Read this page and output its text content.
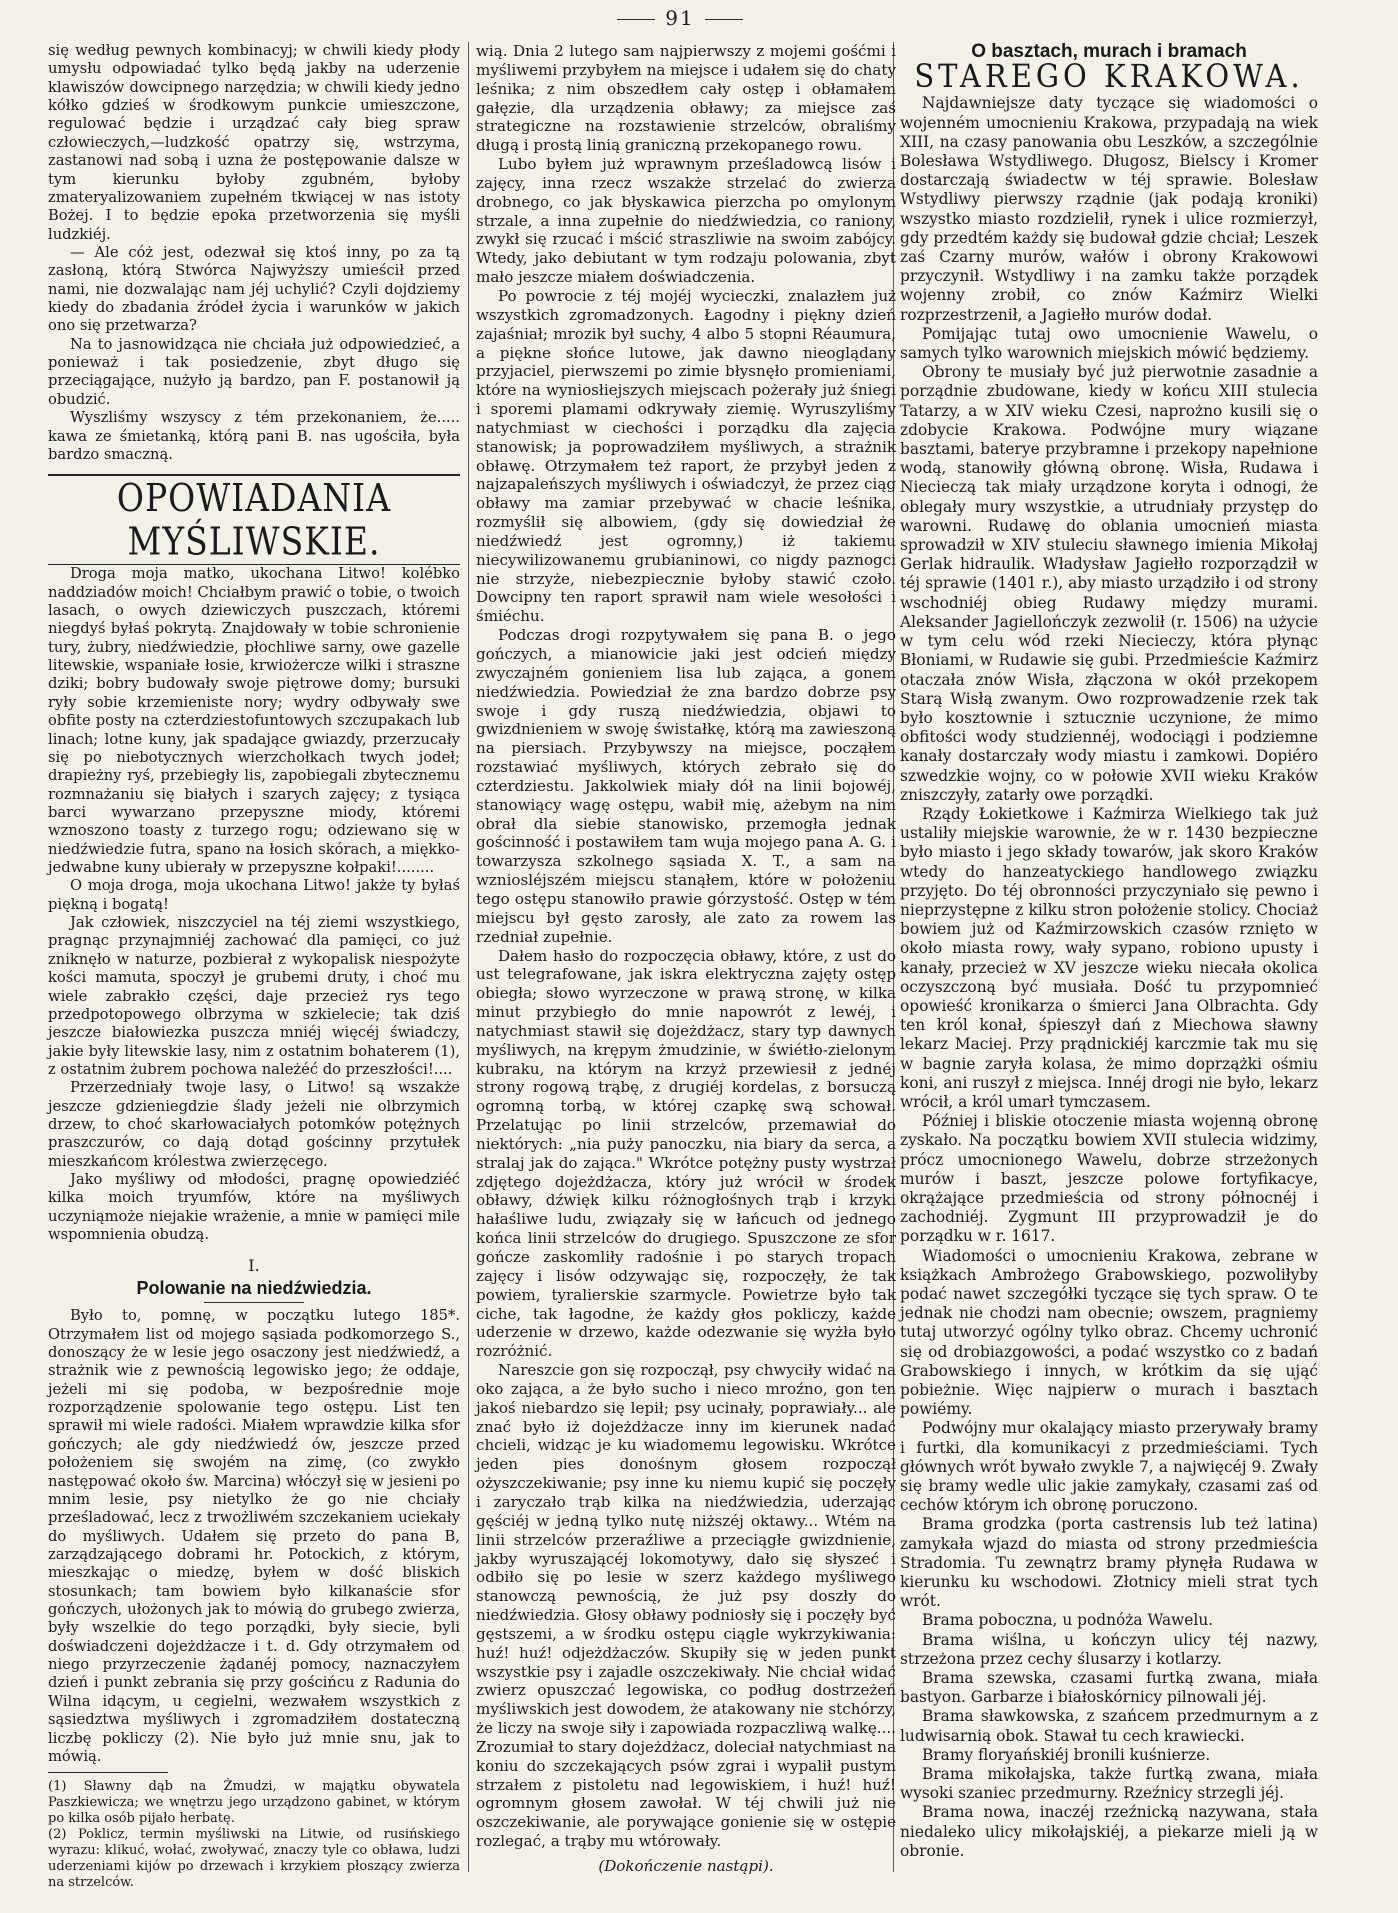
91

się według pewnych kombinacyj; w chwili kiedy płody umysłu odpowiadać tylko będą jakby na uderzenie klawiszów dowcipnego narzędzia; w chwili kiedy jedno kółko gdzieś w środkowym punkcie umieszczone, regulować będzie i urządzać cały bieg spraw człowieczych,—ludzkość opatrzy się, wstrzyma, zastanowi nad sobą i uzna że postępowanie dalsze w tym kierunku byłoby zgubném, byłoby zmateryalizowaniem zupełném tkwiącej w nas istoty Bożej. I to będzie epoka przetworzenia się myśli ludzkiéj.

— Ale cóż jest, odezwał się ktoś inny, po za tą zasłoną, którą Stwórca Najwyższy umieścił przed nami, nie dozwalając nam jéj uchylić? Czyli dojdziemy kiedy do zbadania źródeł życia i warunków w jakich ono się przetwarza?

Na to jasnowidząca nie chciała już odpowiedzieć, a ponieważ i tak posiedzenie, zbyt długo się przeciągające, nużyło ją bardzo, pan F. postanowił ją obudzić.

Wyszliśmy wszyscy z tém przekonaniem, że..... kawa ze śmietanką, którą pani B. nas ugościła, była bardzo smaczną.

OPOWIADANIA MYŚLIWSKIE.

Droga moja matko, ukochana Litwo! kolébko naddziadów moich! Chciałbym prawić o tobie, o twoich lasach, o owych dziewiczych puszczach, któremi niegdyś byłaś pokrytą. Znajdowały w tobie schronienie tury, żubry, niedźwiedzie, płochliwe sarny, owe gazelle litewskie, wspaniałe łosie, krwiożercze wilki i straszne dziki; bobry budowały swoje piętrowe domy; bursuki ryły sobie krzemieniste nory; wydry odbywały swe obfite posty na czterdziestofuntowych szczupakach lub linach; lotne kuny, jak spadające gwiazdy, przerzucały się po niebotycznych wierzchołkach twych jodeł; drapieżny ryś, przebiegły lis, zapobiegali zbytecznemu rozmnażaniu się białych i szarych zajęcy; z tysiąca barci wywarzano przepyszne miody, któremi wznoszono toasty z turzego rogu; odziewano się w niedźwiedzie futra, spano na łosich skórach, a miękko-jedwabne kuny ubierały w przepyszne kołpaki!........

O moja droga, moja ukochana Litwo! jakże ty byłaś piękną i bogatą!

Jak człowiek, niszczyciel na téj ziemi wszystkiego, pragnąc przynajmniéj zachować dla pamięci, co już zniknęło w naturze, pozbierał z wykopalisk niespożyte kości mamuta, spoczył je grubemi druty, i choć mu wiele zabrakło części, daje przecież rys tego przedpotopowego olbrzyma w szkielecie; tak dziś jeszcze białowiezka puszcza mniéj więcéj świadczy, jakie były litewskie lasy, nim z ostatnim bohaterem (1), z ostatnim żubrem pochowa należéć do przeszłości!....

Przerzedniały twoje lasy, o Litwo! są wszakże jeszcze gdzieniegdzie ślady jeżeli nie olbrzymich drzew, to choć skarłowaciałych potomków potężnych praszczurów, co dają dotąd gościnny przytułek mieszkańcom królestwa zwierzęcego.

Jako myśliwy od młodości, pragnę opowiedziéć kilka moich tryumfów, które na myśliwych uczyniąmoże niejakie wrażenie, a mnie w pamięci mile wspomnienia obudzą.

I.
Polowanie na niedźwiedzia.

Było to, pomnę, w początku lutego 185*. Otrzymałem list od mojego sąsiada podkomorzego S., donoszący że w lesie jego osaczony jest niedźwiedź, a strażnik wie z pewnością legowisko jego; że oddaje, jeżeli mi się podoba, w bezpośrednie moje rozporządzenie spolowanie tego ostępu. List ten sprawił mi wiele radości. Miałem wprawdzie kilka sfor gończych; ale gdy niedźwiedź ów, jeszcze przed położeniem się swojém na zimę, (co zwykło następować około św. Marcina) włóczył się w jesieni po mnim lesie, psy nietylko że go nie chciały prześladować, lecz z trwożliwém szczekaniem uciekały do myśliwych. Udałem się przeto do pana B, zarządzającego dobrami hr. Potockich, z którym, mieszkając o miedzę, byłem w dość bliskich stosunkach; tam bowiem było kilkanaście sfor gończych, ułożonych jak to mówią do grubego zwierza, były wszelkie do tego porządki, były siecie, byli doświadczeni dojeżdżacze i t. d. Gdy otrzymałem od niego przyrzeczenie żądanéj pomocy, naznaczyłem dzień i punkt zebrania się przy gościńcu z Radunia do Wilna idącym, u cegielni, wezwałem wszystkich z sąsiedztwa myśliwych i zgromadziłem dostateczną liczbę pokliczy (2). Nie było już mnie snu, jak to mówią.

(1) Sławny dąb na Żmudzi, w majątku obywatela Paszkiewicza; we wnętrzu jego urządzono gabinet, w którym po kilka osób pijało herbatę.

(2) Poklicz, termin myśliwski na Litwie, od rusińskiego wyrazu: klikuć, wołać, zwoływać, znaczy tyle co obława, ludzi uderzeniami kijów po drzewach i krzykiem płoszący zwierza na strzelców.

wią. Dnia 2 lutego sam najpierwszy z mojemi gośćmi i myśliwemi przybyłem na miejsce i udałem się do chaty leśnika; z nim obszedłem cały ostęp i obłamałem gałęzie, dla urządzenia obławy; za miejsce zaś strategiczne na rozstawienie strzelców, obraliśmy długą i prostą linią graniczną przekopanego rowu.

Lubo byłem już wprawnym prześladowcą lisów i zajęcy, inna rzecz wszakże strzelać do zwierza drobnego, co jak błyskawica pierzcha po omylonym strzale, a inna zupełnie do niedźwiedzia, co raniony, zwykł się rzucać i mścić straszliwie na swoim zabójcy. Wtedy, jako debiutant w tym rodzaju polowania, zbyt mało jeszcze miałem doświadczenia.

Po powrocie z téj mojéj wycieczki, znalazłem już wszystkich zgromadzonych. Łagodny i piękny dzień zajaśniał; mrozik był suchy, 4 albo 5 stopni Réaumura, a piękne słońce lutowe, jak dawno nieoglądany przyjaciel, pierwszemi po zimie błysnęło promieniami, które na wyniosłiejszych miejscach pożerały już śniegi i sporemi plamami odkrywały ziemię. Wyruszyliśmy natychmiast w ciechości i porządku dla zajęcia stanowisk; ja poprowadziłem myśliwych, a strażnik obławę. Otrzymałem też raport, że przybył jeden z najzapaleńszych myśliwych i oświadczył, że przez ciąg obławy ma zamiar przebywać w chacie leśnika, rozmyślił się albowiem, (gdy się dowiedział że niedźwiedź jest ogromny,) iż takiemu niecywilizowanemu grubianinowi, co nigdy paznogci nie strzyże, niebezpiecznie byłoby stawić czoło. Dowcipny ten raport sprawił nam wiele wesołości i śmiéchu.

Podczas drogi rozpytywałem się pana B. o jego gończych, a mianowicie jaki jest odcień między zwyczajném gonieniem lisa lub zająca, a gonem niedźwiedzia. Powiedział że zna bardzo dobrze psy swoje i gdy ruszą niedźwiedzia, objawi to gwizdnieniem w swoję świstałkę, którą ma zawieszoną na piersiach. Przybywszy na miejsce, począłem rozstawiać myśliwych, których zebrało się do czterdziestu. Jakkolwiek miały dół na linii bojowéj, stanowiący wagę ostępu, wabił mię, ażebym na nim obrał dla siebie stanowisko, przemogła jednak gościnność i postawiłem tam wuja mojego pana A. G. i towarzysza szkolnego sąsiada X. T., a sam na wzniosléjszém miejscu stanąłem, które w położeniu tego ostępu stanowiło prawie górzystość. Ostęp w tém miejscu był gęsto zarosły, ale zato za rowem las rzedniał zupełnie.

Dałem hasło do rozpoczęcia obławy, które, z ust do ust telegrafowane, jak iskra elektryczna zajęty ostęp obiegła; słowo wyrzeczone w prawą stronę, w kilka minut przybiegło do mnie napowrót z lewéj, i natychmiast stawił się dojeżdżacz, stary typ dawnych myśliwych, na krępym żmudzinie, w świétło-zielonym kubraku, na którym na krzyż przewiesił z jednéj strony rogową trąbę, z drugiéj kordelas, z borsuczą ogromną torbą, w której czapkę swą schował. Przelatując po linii strzelców, przemawiał do niektórych: „nia pużу panoczku, nia biary da serca, a stralaj jak do zająca." Wkrótce potężny pusty wystrzał zdjętego dojeżdżacza, który już wrócił w środek obławy, dźwięk kilku różnogłośnych trąb i krzyki hałaśliwe ludu, związały się w łańcuch od jednego końca linii strzelców do drugiego. Spuszczone ze sfor gończe zaskomliły radośnie i po starych tropach zajęcy i lisów odzywając się, rozpoczęły, że tak powiem, tyralierskie szarmycle. Powietrze było tak ciche, tak łagodne, że każdy głos pokliczy, każde uderzenie w drzewo, każde odezwanie się wyżła było rozróżnić.

Nareszcie gon się rozpoczął, psy chwyciły widać na oko zająca, a że było sucho i nieco mroźno, gon ten jakoś niebardzo się lepił; psy ucinały, poprawiały... ale znać było iż dojeżdżacze inny im kierunek nadać chcieli, widząc je ku wiadomemu legowisku. Wkrótce jeden pies donośnym głosem rozpoczął ożyszczekiwanie; psy inne ku niemu kupić się poczęły i zaryczało trąb kilka na niedźwiedzia, uderzając gęściéj w jedną tylko nutę niższéj oktawy... Wtém na linii strzelców przeraźliwe a przeciągłe gwizdnienie, jakby wyruszającéj lokomotywy, dało się słyszeć i odbiło się po lesie w szerz każdego myśliwego stanowczą pewnością, że już psy doszły do niedźwiedzia. Głosy obławy podniosły się i poczęły być gęstszemi, a w środku ostępu ciągle wykrzykiwania: huź! huź! odjeżdżaczów. Skupiły się w jeden punkt wszystkie psy i zajadle oszczekiwały. Nie chciał widać zwierz opuszczać legowiska, co podług dostrzeżeń myśliwskich jest dowodem, że atakowany nie stchórzy, że liczy na swoje siły i zapowiada rozpaczliwą walkę.... Zrozumiał to stary dojeżdżacz, doleciał natychmiast na koniu do szczekających psów zgrai i wypalił pustym strzałem z pistoletu nad legowiskiem, i huź! huź! ogromnym głosem zawołał. W téj chwili już nie oszczekiwanie, ale porywające gonienie się w ostępie rozlegać, a trąby mu wtórowały.

(Dokończenie nastąpi).
O basztach, murach i bramach
STAREGO KRAKOWA.

Najdawniejsze daty tyczące się wiadomości o wojenném umocnieniu Krakowa, przypadają na wiek XIII, na czasy panowania obu Leszków, a szczególnie Bolesława Wstydliwego. Długosz, Bielscy i Kromer dostarczają świadectw w téj sprawie. Bolesław Wstydliwy pierwszy rządnie (jak podają kroniki) wszystko miasto rozdzielił, rynek i ulice rozmierzył, gdy przedtém każdy się budował gdzie chciał; Leszek zaś Czarny murów, wałów i obrony Krakowowi przyczynił. Wstydliwy i na zamku także porządek wojenny zrobił, co znów Kaźmirz Wielki rozprzestrzenił, a Jagiełło murów dodał.

Pomijając tutaj owo umocnienie Wawelu, o samych tylko warownich miejskich mówić będziemy.

Obrony te musiały być już pierwotnie zasadnie a porządnie zbudowane, kiedy w końcu XIII stulecia Tatarzy, a w XIV wieku Czesi, naprożno kusili się o zdobycie Krakowa. Podwójne mury wiązane basztami, baterye przybramne i przekopy napełnione wodą, stanowiły główną obronę. Wisła, Rudawa i Niecieczą tak miały urządzone koryta i odnogi, że oblegały mury wszystkie, a utrudniały przystęp do warowni. Rudawę do oblania umocnień miasta sprowadził w XIV stuleciu sławnego imienia Mikołaj Gerlak hidraulik. Władysław Jagiełło rozporządził w téj sprawie (1401 r.), aby miasto urządziło i od strony wschodniéj obieg Rudawy między murami. Aleksander Jagiellończyk zezwolił (r. 1506) na użycie w tym celu wód rzeki Niecieczy, która płynąc Błoniami, w Rudawie się gubi. Przedmieście Kaźmirz otaczała znów Wisła, złączona w okół przekopem Starą Wisłą zwanym. Owo rozprowadzenie rzek tak było kosztownie i sztucznie uczynione, że mimo obfitości wody studziennéj, wodociągi i podziemne kanały dostarczały wody miastu i zamkowi. Dopiéro szwedzkie wojny, co w połowie XVII wieku Kraków zniszczyły, zatarły owe porządki.

Rządy Łokietkowe i Kaźmirza Wielkiego tak już ustaliły miejskie warownie, że w r. 1430 bezpieczne było miasto i jego składy towarów, jak skoro Kraków wtedy do hanzeatyckiego handlowego związku przyjęto. Do téj obronności przyczyniało się pewno i nieprzystępne z kilku stron położenie stolicy. Chociaż bowiem już od Kaźmirzowskich czasów rznięto w około miasta rowy, wały sypano, robiono upusty i kanały, przecież w XV jeszcze wieku niecała okolica oczyszczoną być musiała. Dość tu przypomnieć opowieść kronikarza o śmierci Jana Olbrachta. Gdy ten król konał, śpieszył dań z Miechowa sławny lekarz Maciej. Przy prądnickiéj karczmie tak mu się w bagnie zaryła kolasa, że mimo doprzążki ośmiu koni, ani ruszył z miejsca. Innéj drogi nie było, lekarz wrócił, a król umarł tymczasem.

Później i bliskie otoczenie miasta wojenną obronę zyskało. Na początku bowiem XVII stulecia widzimy, prócz umocnionego Wawelu, dobrze strzeżonych murów i baszt, jeszcze polowe fortyfikacye, okrążające przedmieścia od strony północnéj i zachodniéj. Zygmunt III przyprowadził je do porządku w r. 1617.

Wiadomości o umocnieniu Krakowa, zebrane w książkach Ambrożego Grabowskiego, pozwoliłyby podać nawet szczegółki tyczące się tych spraw. O te jednak nie chodzi nam obecnie; owszem, pragniemy tutaj utworzyć ogólny tylko obraz. Chcemy uchronić się od drobiazgowości, a podać wszystko co z badań Grabowskiego i innych, w krótkim da się ująć pobieżnie. Więc najpierw o murach i basztach powiémy.

Podwójny mur okalający miasto przerywały bramy i furtki, dla komunikacyi z przedmieściami. Tych głównych wrót bywało zwykle 7, a najwięcéj 9. Zwały się bramy wedle ulic jakie zamykały, czasami zaś od cechów którym ich obronę poruczono.

Brama grodzka (porta castrensis lub też latina) zamykała wjazd do miasta od strony przedmieścia Stradomia. Tu zewnątrz bramy płynęła Rudawa w kierunku ku wschodowi. Złotnicy mieli strat tych wrót.

Brama poboczna, u podnóża Wawelu.

Brama wiślna, u kończyn ulicy téj nazwy, strzeżona przez cechy ślusarzy i kotlarzy.

Brama szewska, czasami furtką zwana, miała bastyon. Garbarze i białoskórnicy pilnowali jéj.

Brama sławkowska, z szańcem przedmurnym a z ludwisarnią obok. Stawał tu cech krawiecki.

Bramy floryańskiéj bronili kuśnierze.

Brama mikołajska, także furtką zwana, miała wysoki szaniec przedmurny. Rzeźnicy strzegli jéj.

Brama nowa, inaczéj rzeźnicką nazywana, stała niedaleko ulicy mikołajskiéj, a piekarze mieli ją w obronie.
